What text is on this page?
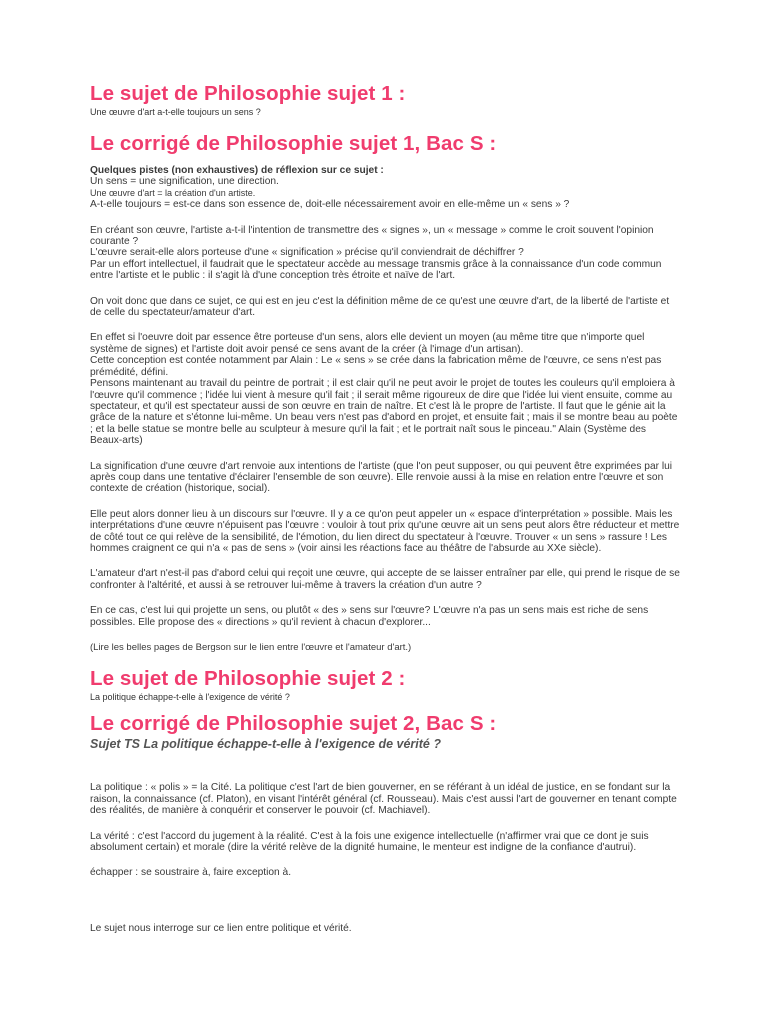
Le sujet de Philosophie sujet 1 :

Une œuvre d'art a-t-elle toujours un sens ?

Le corrigé de Philosophie sujet 1, Bac S :

Quelques pistes (non exhaustives) de réflexion sur ce sujet :

Un sens = une signification, une direction.

Une œuvre d'art = la création d'un artiste.

A-t-elle toujours = est-ce dans son essence de, doit-elle nécessairement avoir en elle-même un « sens » ?

En créant son œuvre, l'artiste a-t-il l'intention de transmettre des « signes », un « message » comme le croit souvent l'opinion courante ?

L'œuvre serait-elle alors porteuse d'une « signification » précise qu'il conviendrait de déchiffrer ?

Par un effort intellectuel, il faudrait que le spectateur accède au message transmis grâce à la connaissance d'un code commun entre l'artiste et le public : il s'agit là d'une conception très étroite et naïve de l'art.

On voit donc que dans ce sujet, ce qui est en jeu c'est la définition même de ce qu'est une œuvre d'art, de la liberté de l'artiste et de celle du spectateur/amateur d'art.

En effet si l'oeuvre doit par essence être porteuse d'un sens, alors elle devient un moyen (au même titre que n'importe quel système de signes) et l'artiste doit avoir pensé ce sens avant de la créer (à l'image d'un artisan).

Cette conception est contée notamment par Alain : Le « sens » se crée dans la fabrication même de l'œuvre, ce sens n'est pas prémédité, défini.

Pensons maintenant au travail du peintre de portrait ; il est clair qu'il ne peut avoir le projet de toutes les couleurs qu'il emploiera à l'œuvre qu'il commence ; l'idée lui vient à mesure qu'il fait ; il serait même rigoureux de dire que l'idée lui vient ensuite, comme au spectateur, et qu'il est spectateur aussi de son œuvre en train de naître. Et c'est là le propre de l'artiste. Il faut que le génie ait la grâce de la nature et s'étonne lui-même. Un beau vers n'est pas d'abord en projet, et ensuite fait ; mais il se montre beau au poète ; et la belle statue se montre belle au sculpteur à mesure qu'il la fait ; et le portrait naît sous le pinceau." Alain (Système des Beaux-arts)

La signification d'une œuvre d'art renvoie aux intentions de l'artiste (que l'on peut supposer, ou qui peuvent être exprimées par lui après coup dans une tentative d'éclairer l'ensemble de son œuvre). Elle renvoie aussi à la mise en relation entre l'œuvre et son contexte de création (historique, social).

Elle peut alors donner lieu à un discours sur l'œuvre. Il y a ce qu'on peut appeler un « espace d'interprétation » possible. Mais les interprétations d'une œuvre n'épuisent pas l'œuvre : vouloir à tout prix qu'une œuvre ait un sens peut alors être réducteur et mettre de côté tout ce qui relève de la sensibilité, de l'émotion, du lien direct du spectateur à l'œuvre. Trouver « un sens » rassure ! Les hommes craignent ce qui n'a « pas de sens » (voir ainsi les réactions face au théâtre de l'absurde au XXe siècle).

L'amateur d'art n'est-il pas d'abord celui qui reçoit une œuvre, qui accepte de se laisser entraîner par elle, qui prend le risque de se confronter à l'altérité, et aussi à se retrouver lui-même à travers la création d'un autre ?

En ce cas, c'est lui qui projette un sens, ou plutôt « des » sens sur l'œuvre? L'œuvre n'a pas un sens mais est riche de sens possibles. Elle propose des « directions » qu'il revient à chacun d'explorer...

(Lire les belles pages de Bergson sur le lien entre l'œuvre et l'amateur d'art.)

Le sujet de Philosophie sujet 2 :

La politique échappe-t-elle à l'exigence de vérité ?

Le corrigé de Philosophie sujet 2, Bac S :

Sujet TS La politique échappe-t-elle à l'exigence de vérité ?

La politique : « polis » = la Cité. La politique c'est l'art de bien gouverner, en se référant à un idéal de justice, en se fondant sur la raison, la connaissance (cf. Platon), en visant l'intérêt général (cf. Rousseau). Mais c'est aussi l'art de gouverner en tenant compte des réalités, de manière à conquérir et conserver le pouvoir (cf. Machiavel).

La vérité : c'est l'accord du jugement à la réalité. C'est à la fois une exigence intellectuelle (n'affirmer vrai que ce dont je suis absolument certain) et morale (dire la vérité relève de la dignité humaine, le menteur est indigne de la confiance d'autrui).

échapper : se soustraire à, faire exception à.

Le sujet nous interroge sur ce lien entre politique et vérité.
